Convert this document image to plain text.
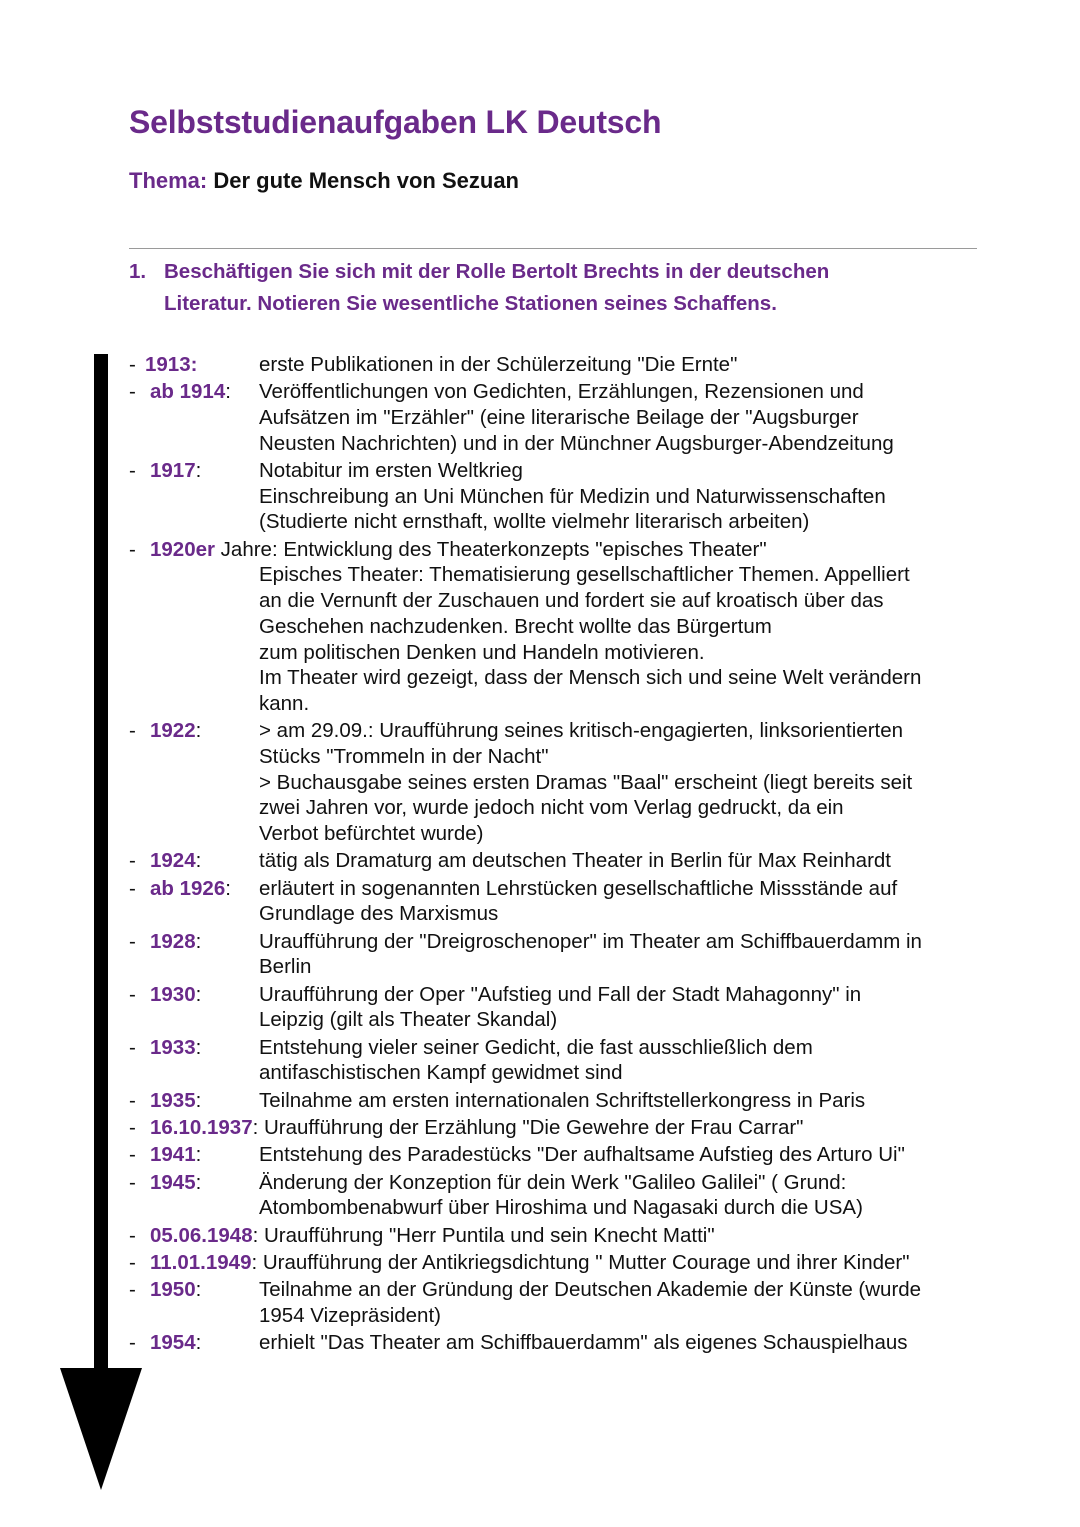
Selbststudienaufgaben LK Deutsch
Thema: Der gute Mensch von Sezuan
1. Beschäftigen Sie sich mit der Rolle Bertolt Brechts in der deutschen
Literatur. Notieren Sie wesentliche Stationen seines Schaffens.
- 1913:	erste Publikationen in der Schülerzeitung "Die Ernte"
- ab 1914: Veröffentlichungen von Gedichten, Erzählungen, Rezensionen und
Aufsätzen im "Erzähler" (eine literarische Beilage der "Augsburger
Neusten Nachrichten) und in der Münchner Augsburger-Abendzeitung
- 1917:	Notabitur im ersten Weltkrieg
Einschreibung an Uni München für Medizin und Naturwissenschaften
(Studierte nicht ernsthaft, wollte vielmehr literarisch arbeiten)
- 1920er Jahre: Entwicklung des Theaterkonzepts "episches Theater"
Episches Theater: Thematisierung gesellschaftlicher Themen. Appelliert
an die Vernunft der Zuschauen und fordert sie auf kroatisch über das
Geschehen nachzudenken. Brecht wollte das Bürgertum
zum politischen Denken und Handeln motivieren.
Im Theater wird gezeigt, dass der Mensch sich und seine Welt verändern
kann.
- 1922:	> am 29.09.: Uraufführung seines kritisch-engagierten, linksorientierten
Stücks "Trommeln in der Nacht"
> Buchausgabe seines ersten Dramas "Baal" erscheint (liegt bereits seit
zwei Jahren vor, wurde jedoch nicht vom Verlag gedruckt, da ein
Verbot befürchtet wurde)
- 1924:	tätig als Dramaturg am deutschen Theater in Berlin für Max Reinhardt
- ab 1926: erläutert in sogenannten Lehrstücken gesellschaftliche Missstände auf
Grundlage des Marxismus
- 1928:	Uraufführung der "Dreigroschenoper" im Theater am Schiffbauerdamm in
Berlin
- 1930:	Uraufführung der Oper "Aufstieg und Fall der Stadt Mahagonny" in
Leipzig (gilt als Theater Skandal)
- 1933:	Entstehung vieler seiner Gedicht, die fast ausschließlich dem
antifaschistischen Kampf gewidmet sind
- 1935:	Teilnahme am ersten internationalen Schriftstellerkongress in Paris
- 16.10.1937: Uraufführung der Erzählung "Die Gewehre der Frau Carrar"
- 1941:	Entstehung des Paradestücks "Der aufhaltsame Aufstieg des Arturo Ui"
- 1945:	Änderung der Konzeption für dein Werk "Galileo Galilei" ( Grund:
Atombombenabwurf über Hiroshima und Nagasaki durch die USA)
- 05.06.1948: Uraufführung "Herr Puntila und sein Knecht Matti"
- 11.01.1949: Uraufführung der Antikriegsdichtung " Mutter Courage und ihrer Kinder"
- 1950:	Teilnahme an der Gründung der Deutschen Akademie der Künste (wurde
1954 Vizepräsident)
- 1954:	erhielt "Das Theater am Schiffbauerdamm" als eigenes Schauspielhaus
